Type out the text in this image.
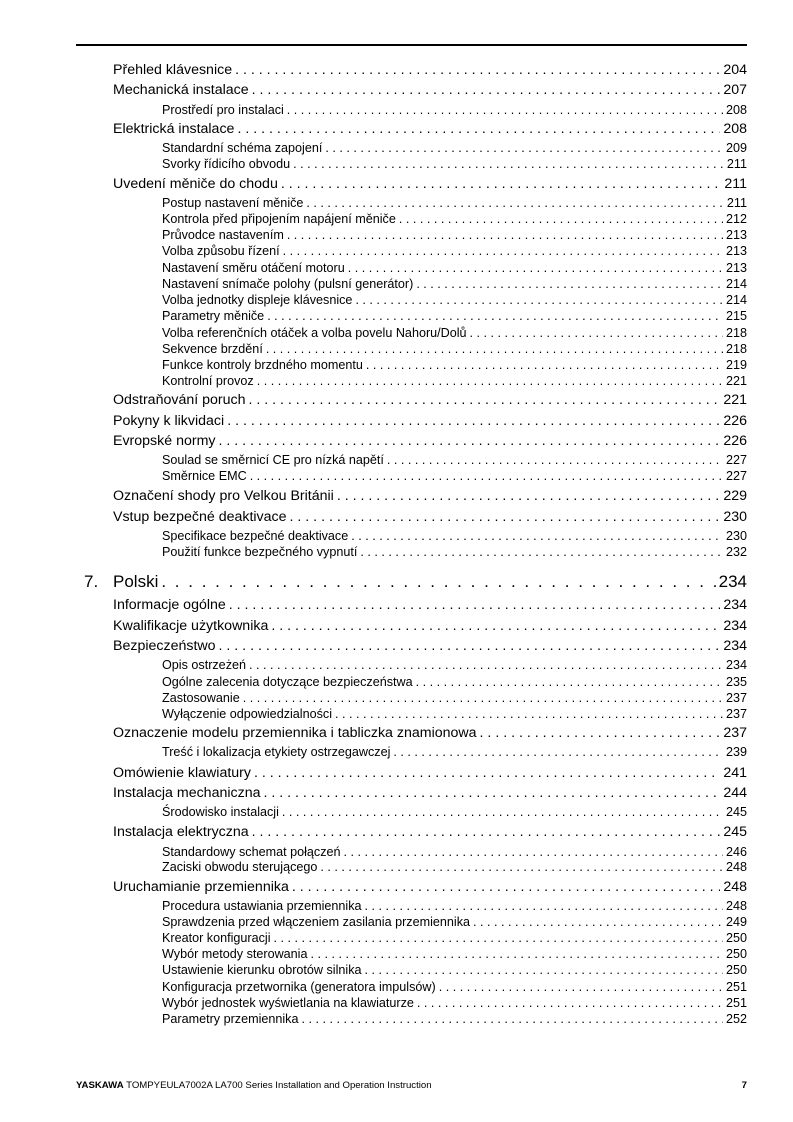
Přehled klávesnice . . .	204
Mechanická instalace . . .	207
Prostředí pro instalaci . . .	208
Elektrická instalace . . .	208
Standardní schéma zapojení . . .	209
Svorky řídicího obvodu . . .	211
Uvedení měniče do chodu . . .	211
Postup nastavení měniče . . .	211
Kontrola před připojením napájení měniče . . .	212
Průvodce nastavením . . .	213
Volba způsobu řízení . . .	213
Nastavení směru otáčení motoru . . .	213
Nastavení snímače polohy (pulsní generátor) . . .	214
Volba jednotky displeje klávesnice . . .	214
Parametry měniče . . .	215
Volba referenčních otáček a volba povelu Nahoru/Dolů . . .	218
Sekvence brzdění . . .	218
Funkce kontroly brzdného momentu . . .	219
Kontrolní provoz . . .	221
Odstraňování poruch . . .	221
Pokyny k likvidaci . . .	226
Evropské normy . . .	226
Soulad se směrnicí CE pro nízká napětí . . .	227
Směrnice EMC . . .	227
Označení shody pro Velkou Británii . . .	229
Vstup bezpečné deaktivace . . .	230
Specifikace bezpečné deaktivace . . .	230
Použití funkce bezpečného vypnutí . . .	232
7. Polski . . .	234
Informacje ogólne . . .	234
Kwalifikacje użytkownika . . .	234
Bezpieczeństwo . . .	234
Opis ostrzeżeń . . .	234
Ogólne zalecenia dotyczące bezpieczeństwa . . .	235
Zastosowanie . . .	237
Wyłączenie odpowiedzialności . . .	237
Oznaczenie modelu przemiennika i tabliczka znamionowa . . .	237
Treść i lokalizacja etykiety ostrzegawczej . . .	239
Omówienie klawiatury . . .	241
Instalacja mechaniczna . . .	244
Środowisko instalacji . . .	245
Instalacja elektryczna . . .	245
Standardowy schemat połączeń . . .	246
Zaciski obwodu sterującego . . .	248
Uruchamianie przemiennika . . .	248
Procedura ustawiania przemiennika . . .	248
Sprawdzenia przed włączeniem zasilania przemiennika . . .	249
Kreator konfiguracji . . .	250
Wybór metody sterowania . . .	250
Ustawienie kierunku obrotów silnika . . .	250
Konfiguracja przetwornika (generatora impulsów) . . .	251
Wybór jednostek wyświetlania na klawiaturze . . .	251
Parametry przemiennika . . .	252
YASKAWA TOMPYEULA7002A LA700 Series Installation and Operation Instruction	7
